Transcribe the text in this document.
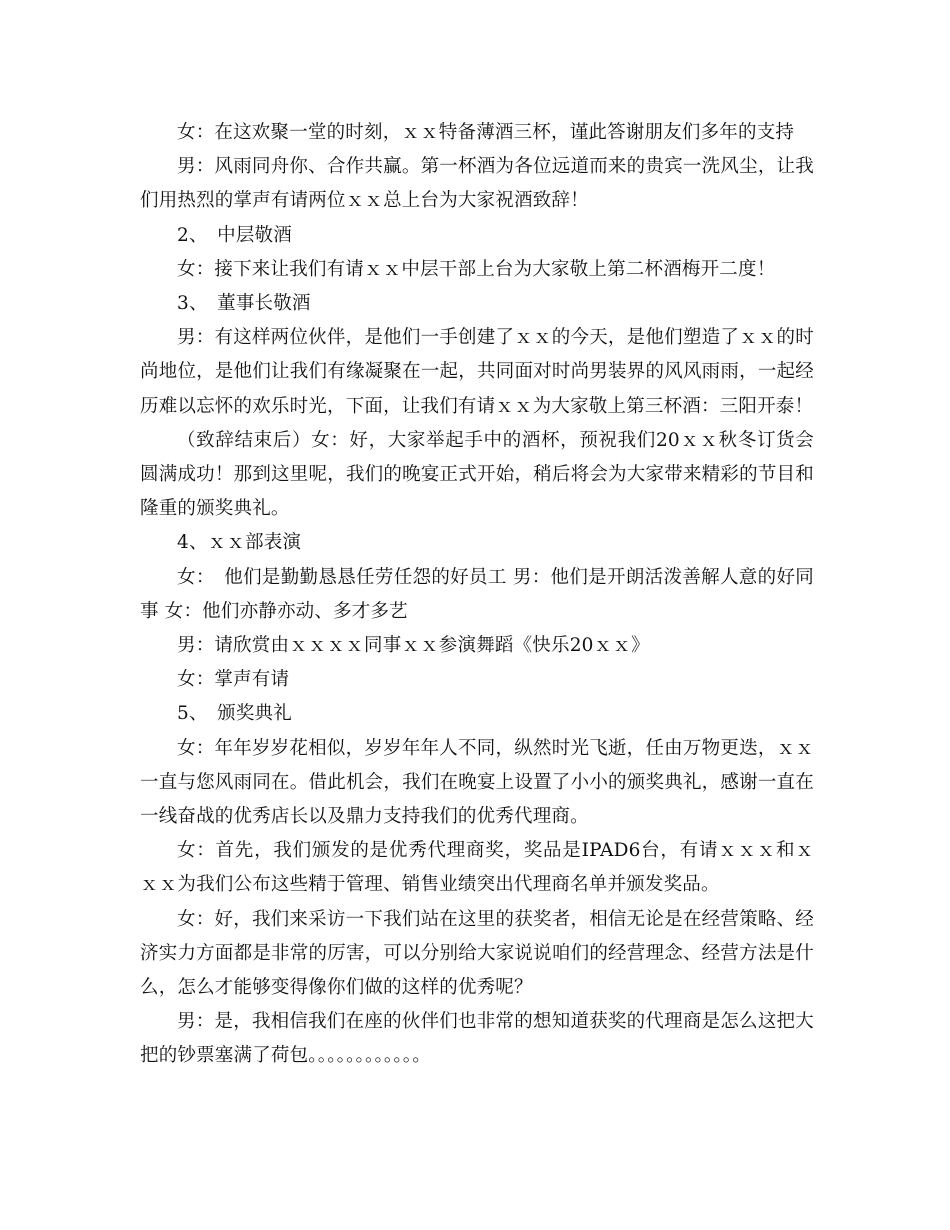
女：在这欢聚一堂的时刻，ｘｘ特备薄酒三杯，谨此答谢朋友们多年的支持

男：风雨同舟你、合作共赢。第一杯酒为各位远道而来的贵宾一洗风尘，让我们用热烈的掌声有请两位ｘｘ总上台为大家祝酒致辞！

2、　中层敬酒

女：接下来让我们有请ｘｘ中层干部上台为大家敬上第二杯酒梅开二度！

3、　董事长敬酒

男：有这样两位伙伴，是他们一手创建了ｘｘ的今天，是他们塑造了ｘｘ的时尚地位，是他们让我们有缘凝聚在一起，共同面对时尚男装界的风风雨雨，一起经历难以忘怀的欢乐时光，下面，让我们有请ｘｘ为大家敬上第三杯酒：三阳开泰！

（致辞结束后）女：好，大家举起手中的酒杯，预祝我们20ｘｘ秋冬订货会圆满成功！那到这里呢，我们的晚宴正式开始，稍后将会为大家带来精彩的节目和隆重的颁奖典礼。

4、ｘｘ部表演

女：　他们是勤勤恳恳任劳任怨的好员工 男：他们是开朗活泼善解人意的好同事 女：他们亦静亦动、多才多艺

男：请欣赏由ｘｘｘｘ同事ｘｘ参演舞蹈《快乐20ｘｘ》

女：掌声有请

5、　颁奖典礼

女：年年岁岁花相似，岁岁年年人不同，纵然时光飞逝，任由万物更迭，ｘｘ一直与您风雨同在。借此机会，我们在晚宴上设置了小小的颁奖典礼，感谢一直在一线奋战的优秀店长以及鼎力支持我们的优秀代理商。

女：首先，我们颁发的是优秀代理商奖，奖品是IPAD6台，有请ｘｘｘ和ｘｘｘ为我们公布这些精于管理、销售业绩突出代理商名单并颁发奖品。

女：好，我们来采访一下我们站在这里的获奖者，相信无论是在经营策略、经济实力方面都是非常的厉害，可以分别给大家说说咱们的经营理念、经营方法是什么，怎么才能够变得像你们做的这样的优秀呢？

男：是，我相信我们在座的伙伴们也非常的想知道获奖的代理商是怎么这把大把的钞票塞满了荷包。。。。。。。。。。。。
